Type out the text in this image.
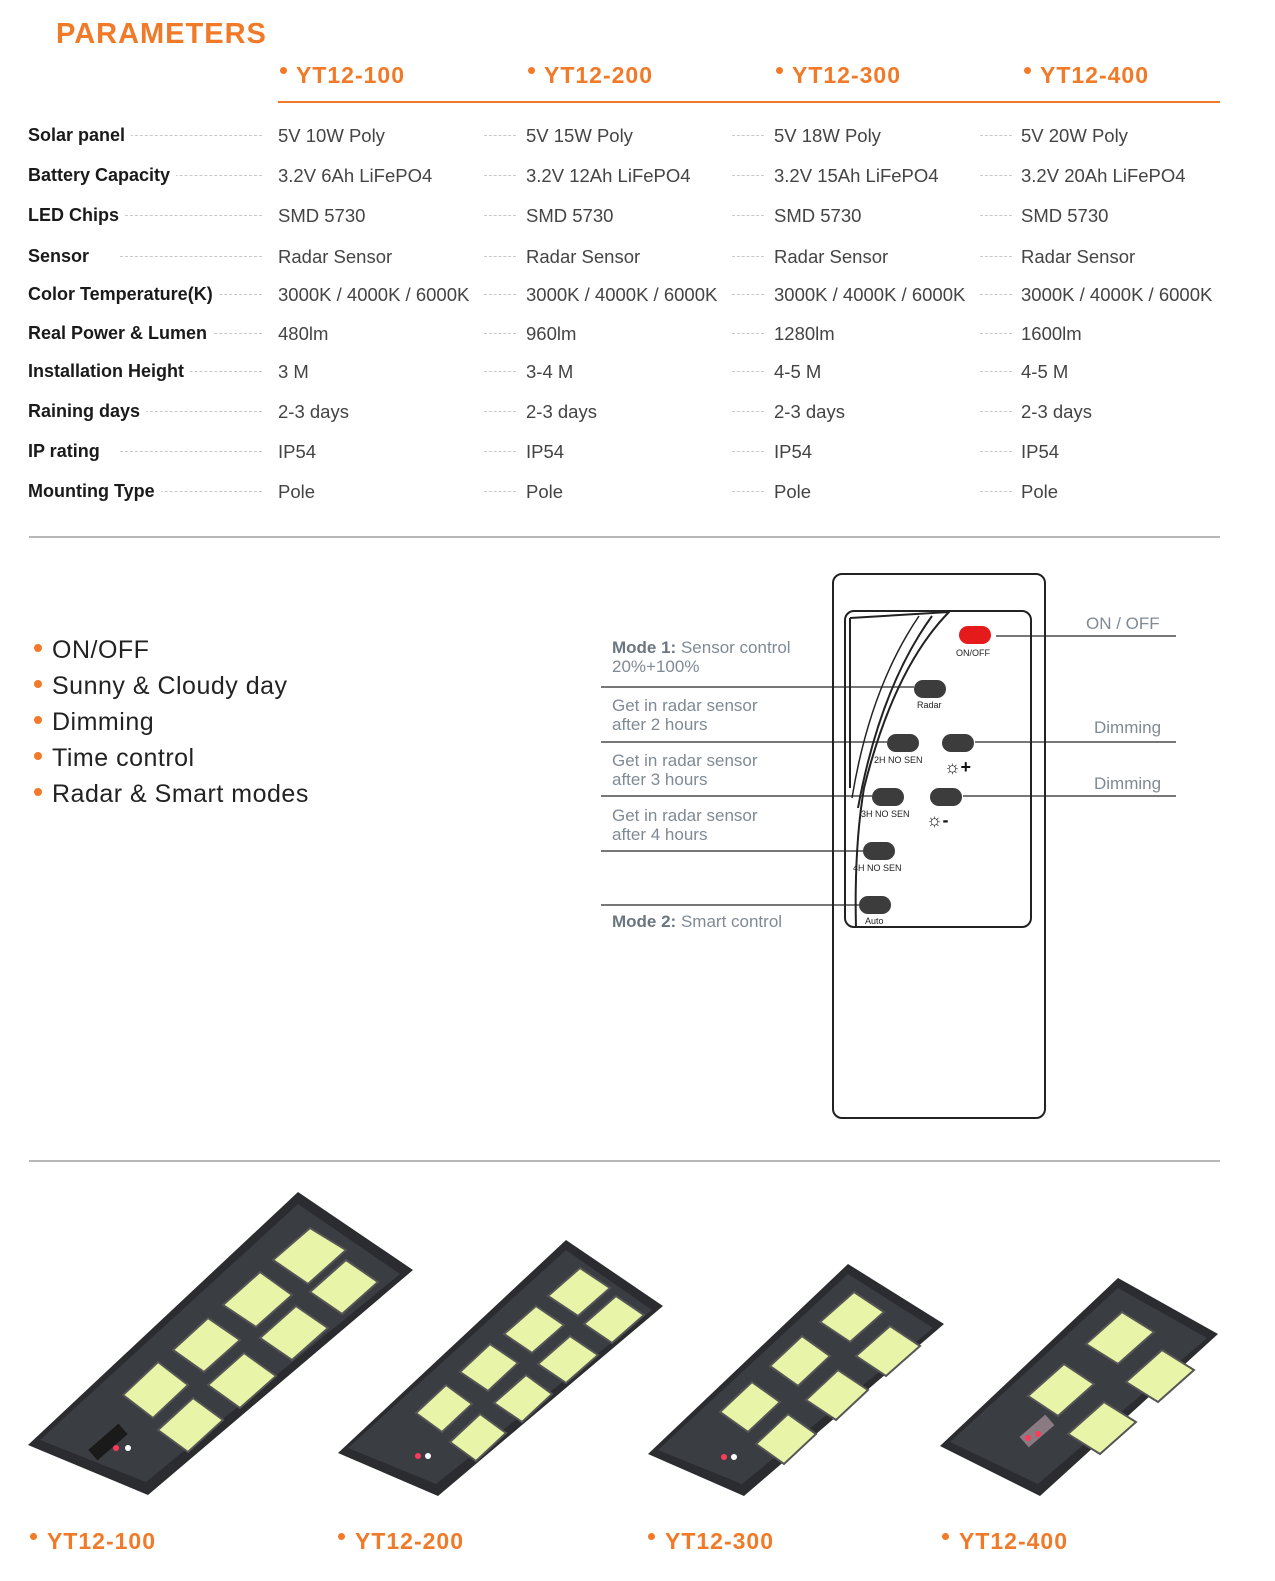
PARAMETERS
YT12-100	YT12-200	YT12-300	YT12-400
Solar panel	5V 10W Poly	5V 15W Poly	5V 18W Poly	5V 20W Poly
Battery Capacity	3.2V 6Ah LiFePO4	3.2V 12Ah LiFePO4	3.2V 15Ah LiFePO4	3.2V 20Ah LiFePO4
LED Chips	SMD 5730	SMD 5730	SMD 5730	SMD 5730
Sensor	Radar Sensor	Radar Sensor	Radar Sensor	Radar Sensor
Color Temperature(K)	3000K / 4000K / 6000K	3000K / 4000K / 6000K	3000K / 4000K / 6000K	3000K / 4000K / 6000K
Real Power & Lumen	480lm	960lm	1280lm	1600lm
Installation Height	3 M	3-4 M	4-5 M	4-5 M
Raining days	2-3 days	2-3 days	2-3 days	2-3 days
IP rating	IP54	IP54	IP54	IP54
Mounting Type	Pole	Pole	Pole	Pole
ON/OFF
Sunny & Cloudy day
Dimming
Time control
Radar & Smart modes
Mode 1: Sensor control
20%+100%
Get in radar sensor
after 2 hours
Get in radar sensor
after 3 hours
Get in radar sensor
after 4 hours
Mode 2: Smart control
ON / OFF
Dimming
Dimming
ON/OFF
Radar
2H NO SEN ☼+
3H NO SEN ☼-
4H NO SEN
Auto
YT12-100	YT12-200	YT12-300	YT12-400
